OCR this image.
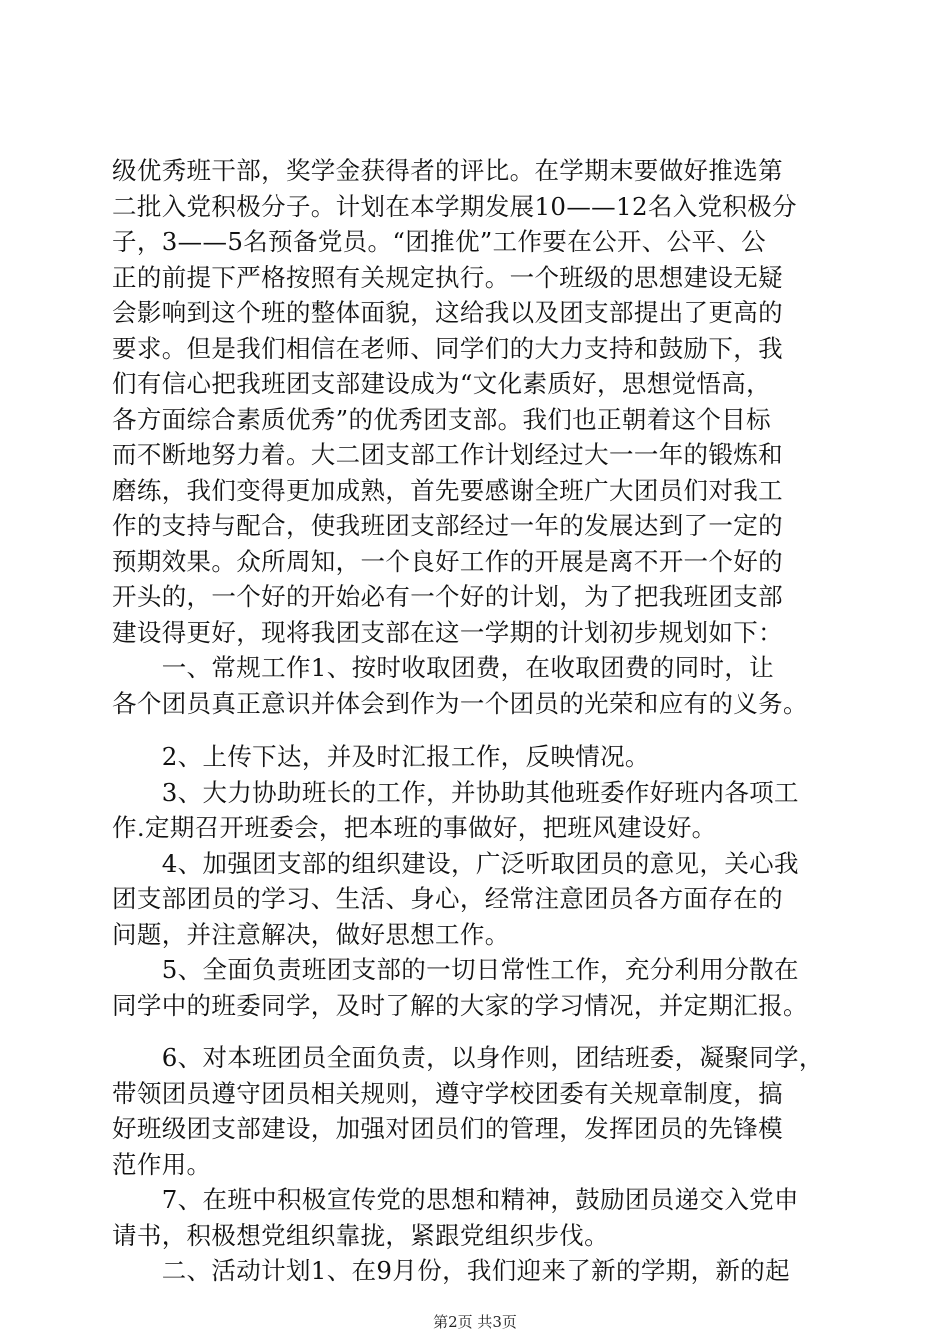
级优秀班干部，奖学金获得者的评比。在学期末要做好推选第
二批入党积极分子。计划在本学期发展10——12名入党积极分
子，3——5名预备党员。“团推优”工作要在公开、公平、公
正的前提下严格按照有关规定执行。一个班级的思想建设无疑
会影响到这个班的整体面貌，这给我以及团支部提出了更高的
要求。但是我们相信在老师、同学们的大力支持和鼓励下，我
们有信心把我班团支部建设成为“文化素质好，思想觉悟高，
各方面综合素质优秀”的优秀团支部。我们也正朝着这个目标
而不断地努力着。大二团支部工作计划经过大一一年的锻炼和
磨练，我们变得更加成熟，首先要感谢全班广大团员们对我工
作的支持与配合，使我班团支部经过一年的发展达到了一定的
预期效果。众所周知，一个良好工作的开展是离不开一个好的
开头的，一个好的开始必有一个好的计划，为了把我班团支部
建设得更好，现将我团支部在这一学期的计划初步规划如下：
　　一、常规工作1、按时收取团费，在收取团费的同时，让
各个团员真正意识并体会到作为一个团员的光荣和应有的义务。
　　2、上传下达，并及时汇报工作，反映情况。
　　3、大力协助班长的工作，并协助其他班委作好班内各项工
作.定期召开班委会，把本班的事做好，把班风建设好。
　　4、加强团支部的组织建设，广泛听取团员的意见，关心我
团支部团员的学习、生活、身心，经常注意团员各方面存在的
问题，并注意解决，做好思想工作。
　　5、全面负责班团支部的一切日常性工作，充分利用分散在
同学中的班委同学，及时了解的大家的学习情况，并定期汇报。
　　6、对本班团员全面负责，以身作则，团结班委，凝聚同学，
带领团员遵守团员相关规则，遵守学校团委有关规章制度，搞
好班级团支部建设，加强对团员们的管理，发挥团员的先锋模
范作用。
　　7、在班中积极宣传党的思想和精神，鼓励团员递交入党申
请书，积极想党组织靠拢，紧跟党组织步伐。
　　二、活动计划1、在9月份，我们迎来了新的学期，新的起
第2页 共3页
